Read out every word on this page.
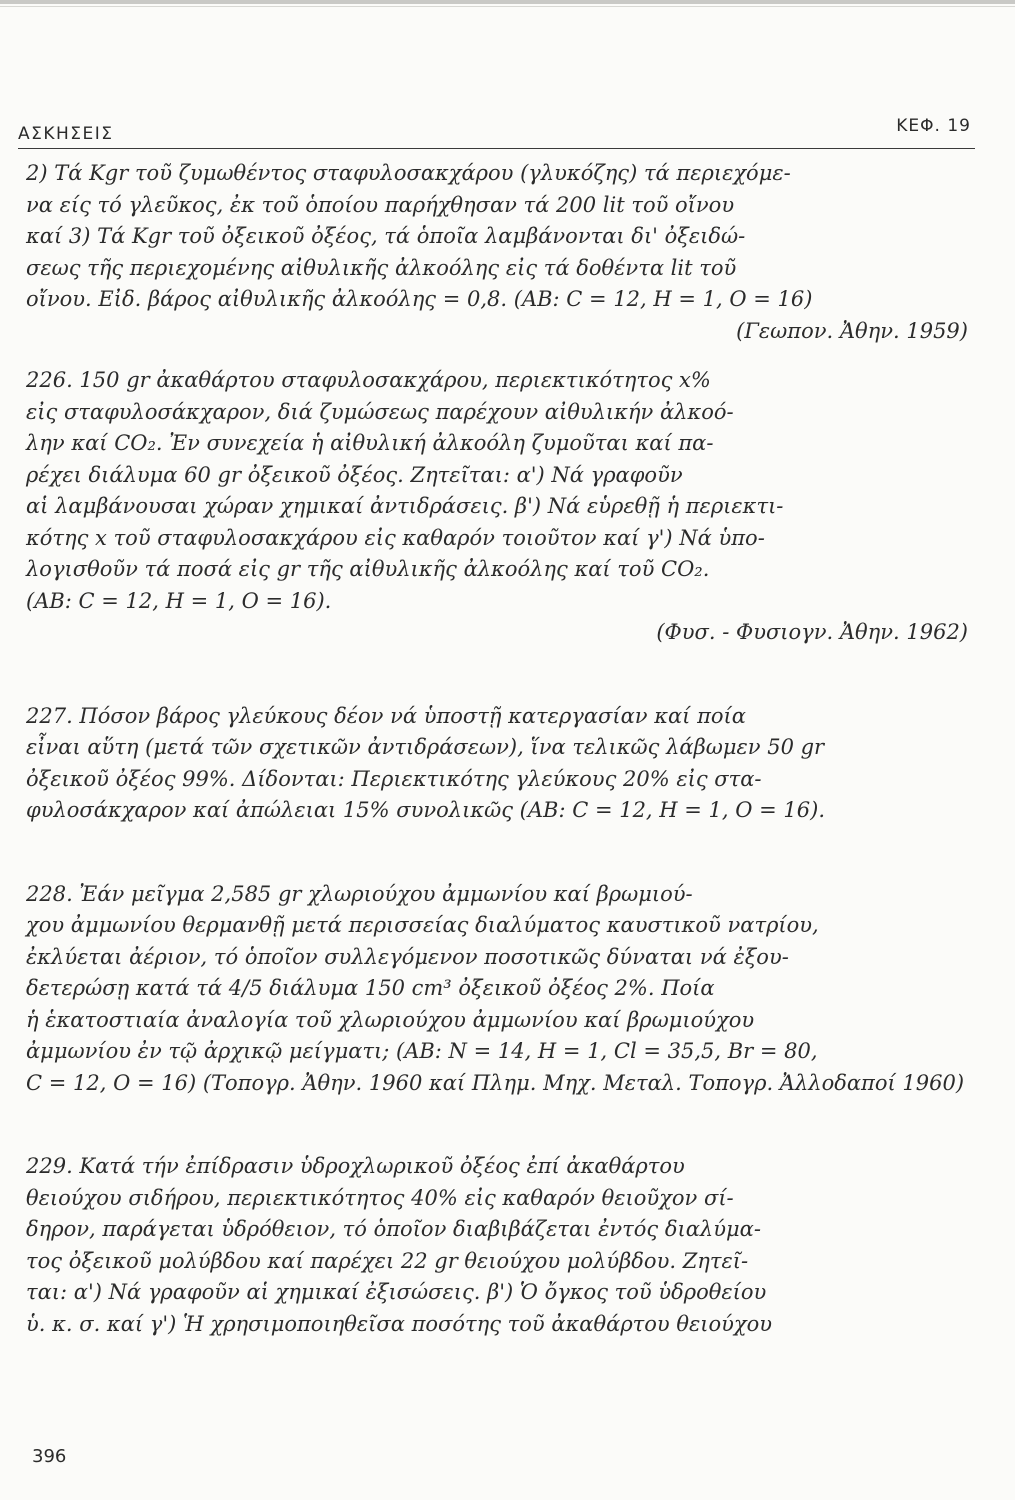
ΑΣΚΗΣΕΙΣ	ΚΕΦ. 19

2) Τά Kgr τοῦ ζυμωθέντος σταφυλοσακχάρου (γλυκόζης) τά περιεχόμε-
να είς τό γλεῦκος, ἐκ τοῦ ὁποίου παρήχθησαν τά 200 lit τοῦ οἴνου
καί 3) Τά Kgr τοῦ ὀξεικοῦ ὀξέος, τά ὁποῖα λαμβάνονται δι' ὀξειδώ-
σεως τῆς περιεχομένης αἰθυλικῆς ἀλκοόλης εἰς τά δοθέντα lit τοῦ
οἴνου. Εἰδ. βάρος αἰθυλικῆς ἀλκοόλης = 0,8. (ΑΒ: C = 12, H = 1, O = 16)

(Γεωπον. Ἀθην. 1959)

226. 150 gr ἀκαθάρτου σταφυλοσακχάρου, περιεκτικότητος x%
εἰς σταφυλοσάκχαρον, διά ζυμώσεως παρέχουν αἰθυλικήν ἀλκοό-
λην καί CO₂. Ἐν συνεχεία ἡ αἰθυλική ἀλκοόλη ζυμοῦται καί πα-
ρέχει διάλυμα 60 gr ὀξεικοῦ ὀξέος. Ζητεῖται: α') Νά γραφοῦν
αἱ λαμβάνουσαι χώραν χημικαί ἀντιδράσεις. β') Νά εὑρεθῇ ἡ περιεκτι-
κότης x τοῦ σταφυλοσακχάρου εἰς καθαρόν τοιοῦτον καί γ') Νά ὑπο-
λογισθοῦν τά ποσά εἰς gr τῆς αἰθυλικῆς ἀλκοόλης καί τοῦ CO₂.
(ΑΒ: C = 12, H = 1, O = 16).

(Φυσ. - Φυσιογν. Ἀθην. 1962)

227. Πόσον βάρος γλεύκους δέον νά ὑποστῇ κατεργασίαν καί ποία
εἶναι αὕτη (μετά τῶν σχετικῶν ἀντιδράσεων), ἵνα τελικῶς λάβωμεν 50 gr
ὀξεικοῦ ὀξέος 99%. Δίδονται: Περιεκτικότης γλεύκους 20% εἰς στα-
φυλοσάκχαρον καί ἀπώλειαι 15% συνολικῶς (ΑΒ: C = 12, H = 1, O = 16).

228. Ἐάν μεῖγμα 2,585 gr χλωριούχου ἀμμωνίου καί βρωμιού-
χου ἀμμωνίου θερμανθῇ μετά περισσείας διαλύματος καυστικοῦ νατρίου,
ἐκλύεται ἀέριον, τό ὁποῖον συλλεγόμενον ποσοτικῶς δύναται νά ἐξου-
δετερώσῃ κατά τά 4/5 διάλυμα 150 cm³ ὀξεικοῦ ὀξέος 2%. Ποία
ἡ ἑκατοστιαία ἀναλογία τοῦ χλωριούχου ἀμμωνίου καί βρωμιούχου
ἀμμωνίου ἐν τῷ ἀρχικῷ μείγματι; (ΑΒ: N = 14, H = 1, Cl = 35,5, Br = 80,
C = 12, O = 16) (Τοπογρ. Ἀθην. 1960 καί Πλημ. Μηχ. Μεταλ. Τοπογρ. Ἀλλοδαποί 1960)

229. Κατά τήν ἐπίδρασιν ὑδροχλωρικοῦ ὀξέος ἐπί ἀκαθάρτου
θειούχου σιδήρου, περιεκτικότητος 40% εἰς καθαρόν θειοῦχον σί-
δηρον, παράγεται ὑδρόθειον, τό ὁποῖον διαβιβάζεται ἐντός διαλύμα-
τος ὀξεικοῦ μολύβδου καί παρέχει 22 gr θειούχου μολύβδου. Ζητεῖ-
ται: α') Νά γραφοῦν αἱ χημικαί ἐξισώσεις. β') Ὁ ὄγκος τοῦ ὑδροθείου
ὑ. κ. σ. καί γ') Ἡ χρησιμοποιηθεῖσα ποσότης τοῦ ἀκαθάρτου θειούχου

396
